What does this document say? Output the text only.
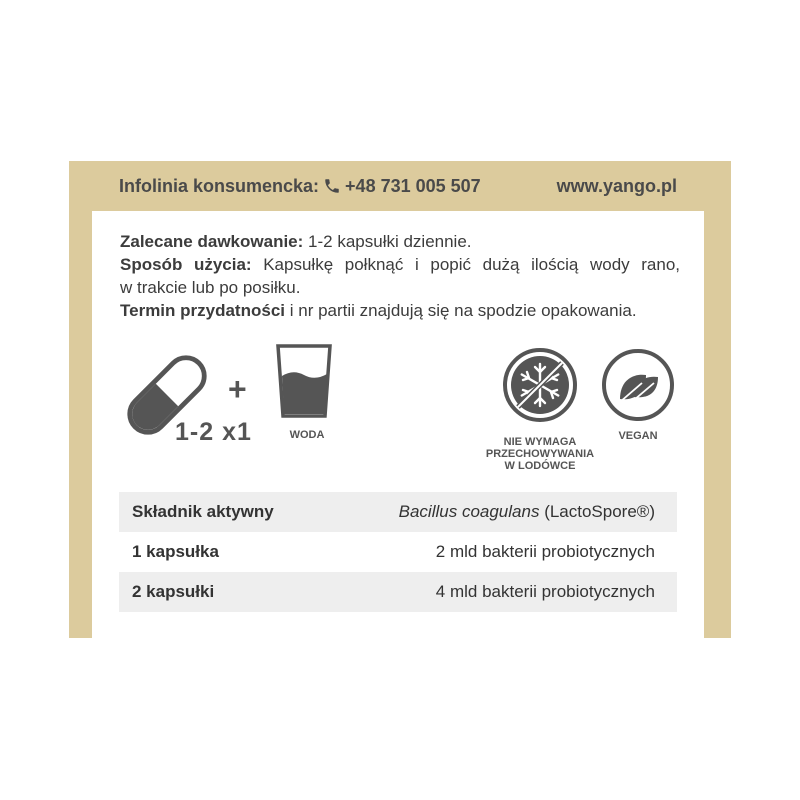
Infolinia konsumencka: +48 731 005 507	www.yango.pl

Zalecane dawkowanie: 1-2 kapsułki dziennie.

Sposób użycia: Kapsułkę połknąć i popić dużą ilością wody rano,

w trakcie lub po posiłku.

Termin przydatności i nr partii znajdują się na spodzie opakowania.

+
1-2 x1	WODA
NIE WYMAGA
PRZECHOWYWANIA
W LODÓWCE
VEGAN
Składnik aktywny	Bacillus coagulans (LactoSpore®)
1 kapsułka	2 mld bakterii probiotycznych
2 kapsułki	4 mld bakterii probiotycznych
